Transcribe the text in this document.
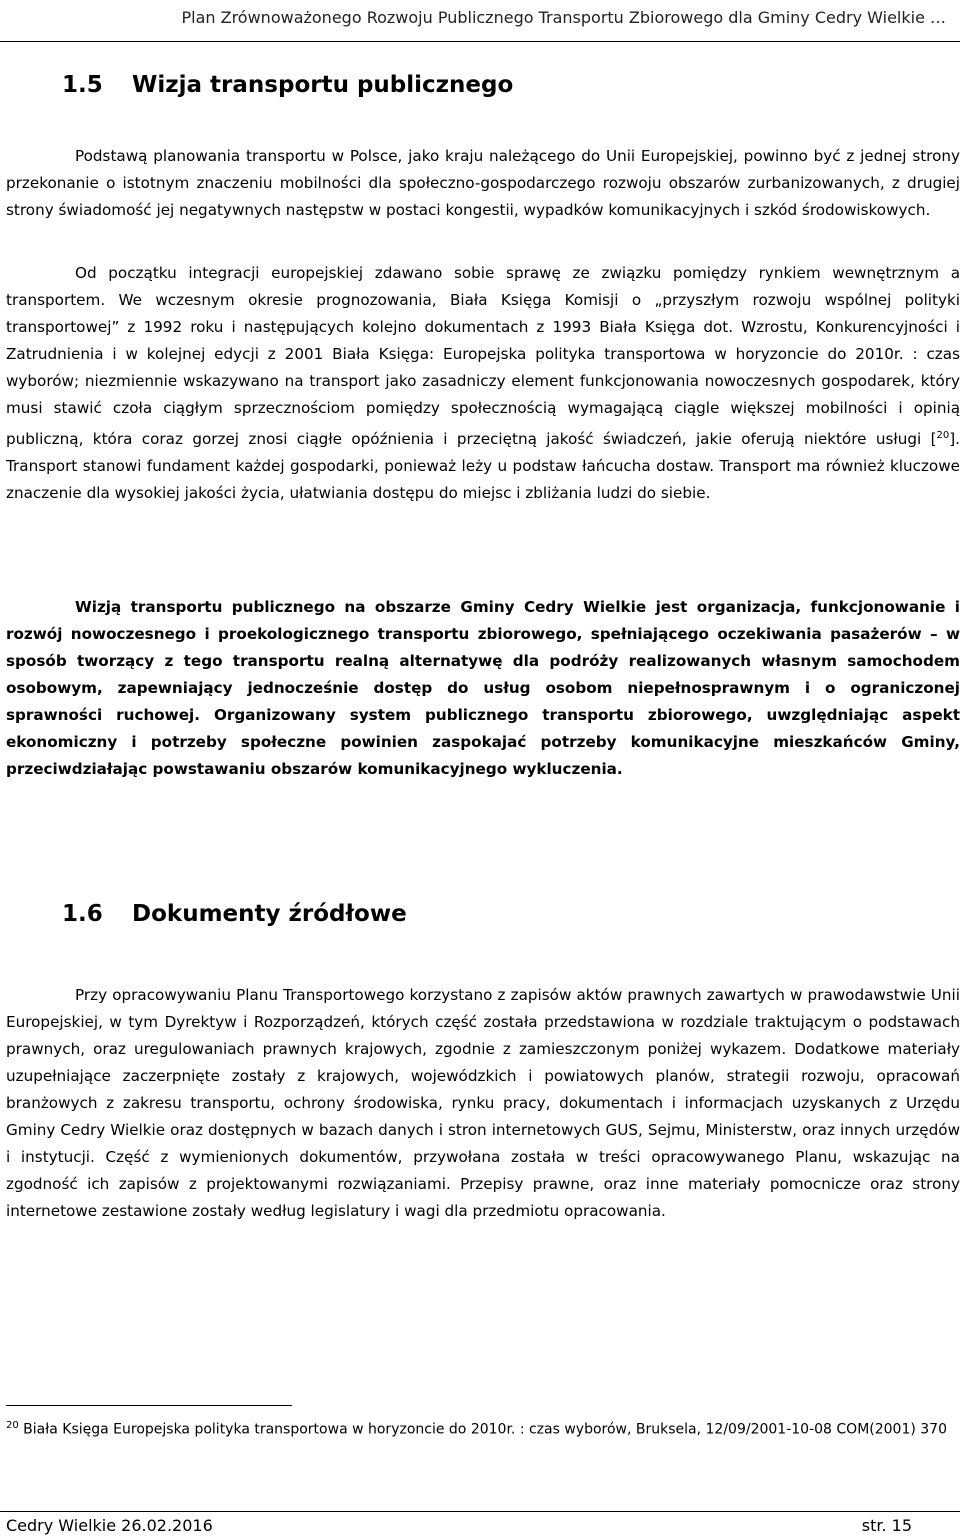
Plan Zrównoważonego Rozwoju Publicznego Transportu Zbiorowego dla Gminy Cedry Wielkie …
1.5 Wizja transportu publicznego
Podstawą planowania transportu w Polsce, jako kraju należącego do Unii Europejskiej, powinno być z jednej strony przekonanie o istotnym znaczeniu mobilności dla społeczno-gospodarczego rozwoju obszarów zurbanizowanych, z drugiej strony świadomość jej negatywnych następstw w postaci kongestii, wypadków komunikacyjnych i szkód środowiskowych.
Od początku integracji europejskiej zdawano sobie sprawę ze związku pomiędzy rynkiem wewnętrznym a transportem. We wczesnym okresie prognozowania, Biała Księga Komisji o „przyszłym rozwoju wspólnej polityki transportowej” z 1992 roku i następujących kolejno dokumentach z 1993 Biała Księga dot. Wzrostu, Konkurencyjności i Zatrudnienia i w kolejnej edycji z 2001 Biała Księga: Europejska polityka transportowa w horyzoncie do 2010r. : czas wyborów; niezmiennie wskazywano na transport jako zasadniczy element funkcjonowania nowoczesnych gospodarek, który musi stawić czoła ciągłym sprzecznościom pomiędzy społecznością wymagającą ciągle większej mobilności i opinią publiczną, która coraz gorzej znosi ciągłe opóźnienia i przeciętną jakość świadczeń, jakie oferują niektóre usługi [$^{20}$]. Transport stanowi fundament każdej gospodarki, ponieważ leży u podstaw łańcucha dostaw. Transport ma również kluczowe znaczenie dla wysokiej jakości życia, ułatwiania dostępu do miejsc i zbliżania ludzi do siebie.
Wizją transportu publicznego na obszarze Gminy Cedry Wielkie jest organizacja, funkcjonowanie i rozwój nowoczesnego i proekologicznego transportu zbiorowego, spełniającego oczekiwania pasażerów – w sposób tworzący z tego transportu realną alternatywę dla podróży realizowanych własnym samochodem osobowym, zapewniający jednocześnie dostęp do usług osobom niepełnosprawnym i o ograniczonej sprawności ruchowej. Organizowany system publicznego transportu zbiorowego, uwzględniając aspekt ekonomiczny i potrzeby społeczne powinien zaspokajać potrzeby komunikacyjne mieszkańców Gminy, przeciwdziałając powstawaniu obszarów komunikacyjnego wykluczenia.
1.6 Dokumenty źródłowe
Przy opracowywaniu Planu Transportowego korzystano z zapisów aktów prawnych zawartych w prawodawstwie Unii Europejskiej, w tym Dyrektyw i Rozporządzeń, których część została przedstawiona w rozdziale traktującym o podstawach prawnych, oraz uregulowaniach prawnych krajowych, zgodnie z zamieszczonym poniżej wykazem. Dodatkowe materiały uzupełniające zaczerpnięte zostały z krajowych, wojewódzkich i powiatowych planów, strategii rozwoju, opracowań branżowych z zakresu transportu, ochrony środowiska, rynku pracy, dokumentach i informacjach uzyskanych z Urzędu Gminy Cedry Wielkie oraz dostępnych w bazach danych i stron internetowych GUS, Sejmu, Ministerstw, oraz innych urzędów i instytucji. Część z wymienionych dokumentów, przywołana została w treści opracowywanego Planu, wskazując na zgodność ich zapisów z projektowanymi rozwiązaniami. Przepisy prawne, oraz inne materiały pomocnicze oraz strony internetowe zestawione zostały według legislatury i wagi dla przedmiotu opracowania.
$^{20}$ Biała Księga Europejska polityka transportowa w horyzoncie do 2010r. : czas wyborów, Bruksela, 12/09/2001-10-08 COM(2001) 370
Cedry Wielkie 26.02.2016	str. 15
